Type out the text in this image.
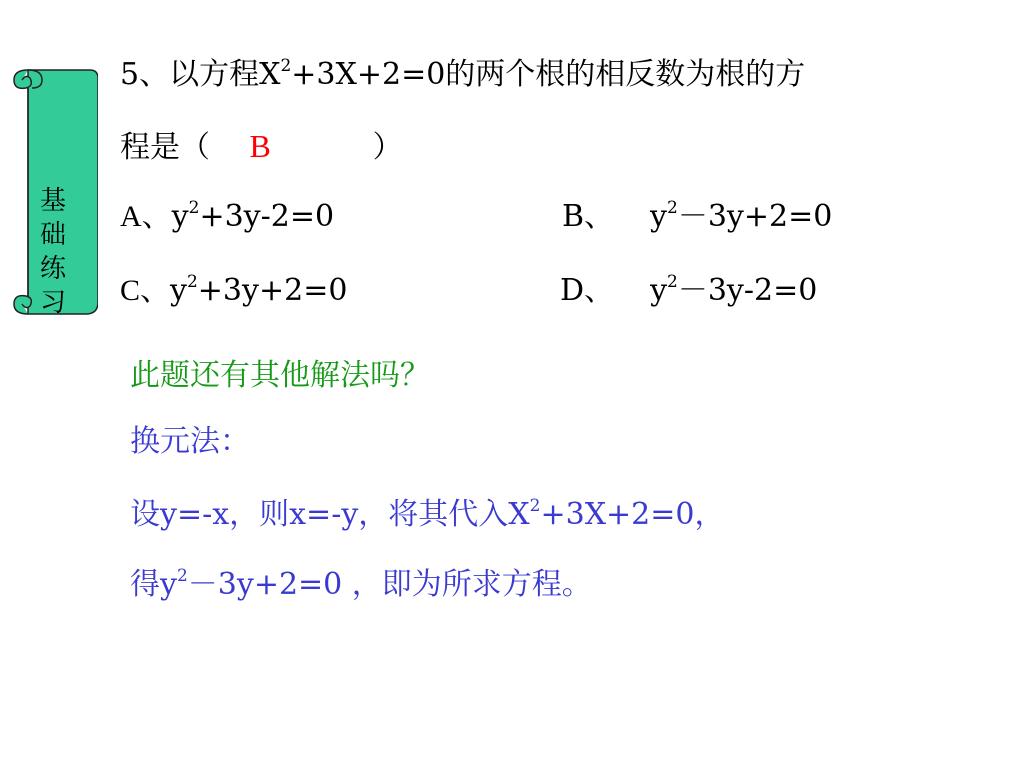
基础练习
5、以方程$X^2+3X+2=0$的两个根的相反数为根的方
程是（ B	）
A、$y^2+3y-2=0$	B、 $y^2-3y+2=0$
C、$y^2+3y+2=0$	D、 $y^2-3y-2=0$
此题还有其他解法吗？
换元法：
设y=-x，则x=-y，将其代入$X^2+3X+2=0$，
得$y^2-3y+2=0$ ，即为所求方程。
